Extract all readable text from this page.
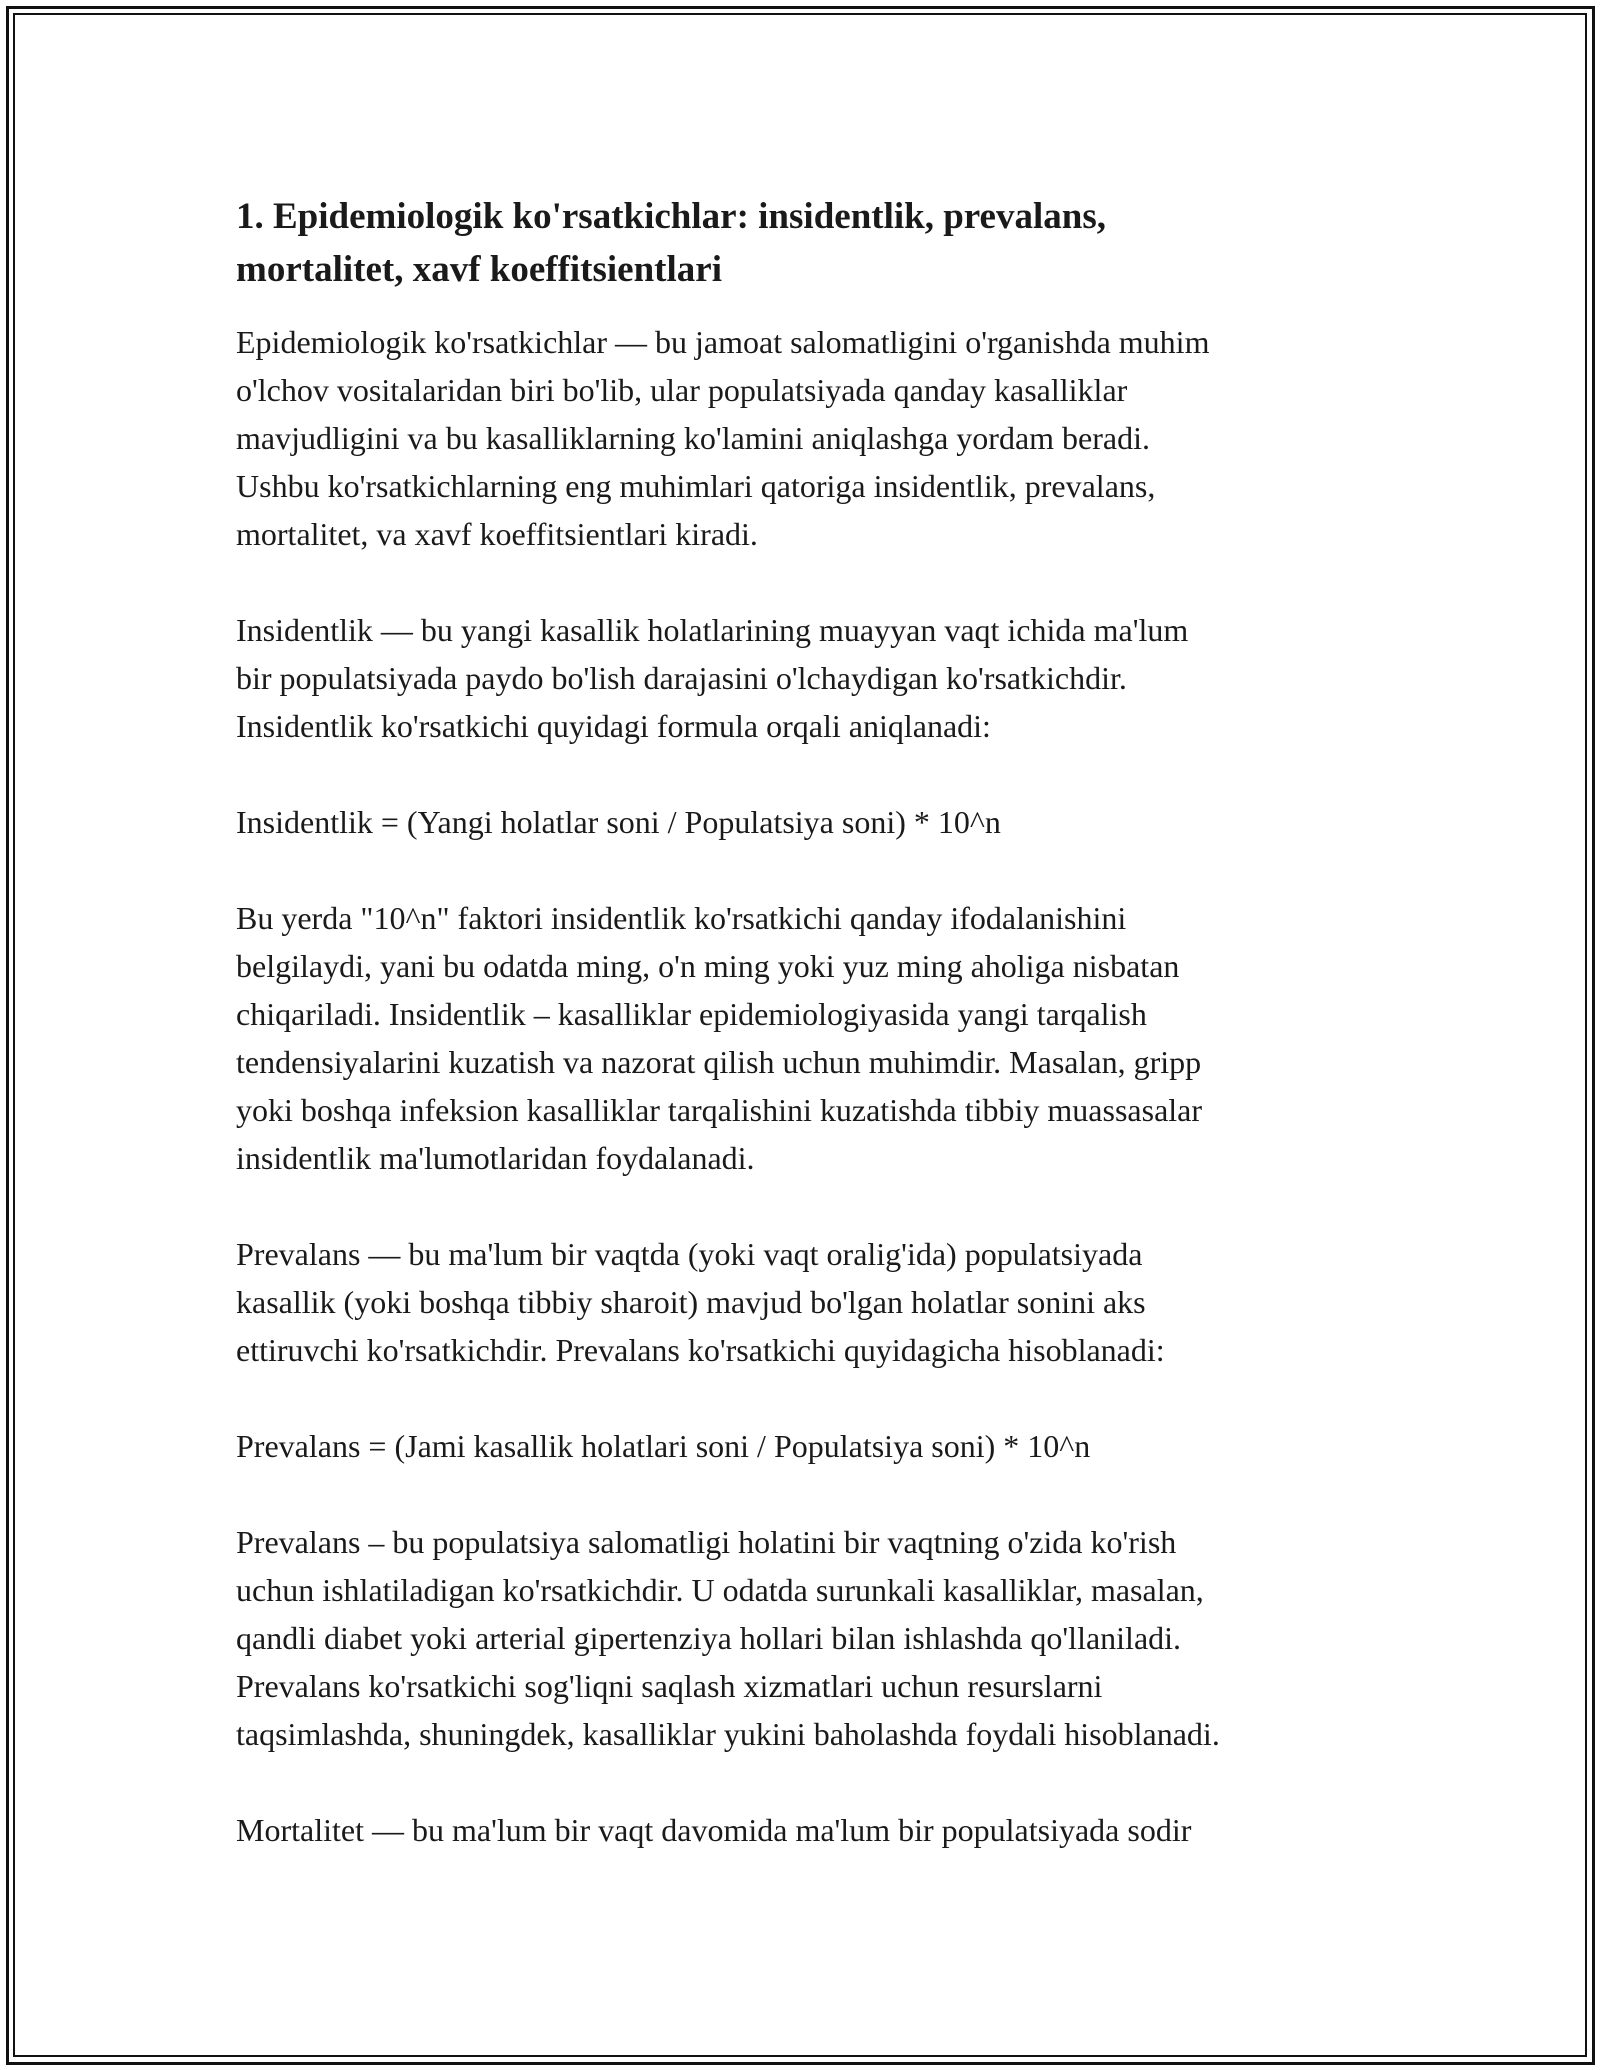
1. Epidemiologik ko'rsatkichlar: insidentlik, prevalans,
mortalitet, xavf koeffitsientlari

Epidemiologik ko'rsatkichlar — bu jamoat salomatligini o'rganishda muhim
o'lchov vositalaridan biri bo'lib, ular populatsiyada qanday kasalliklar
mavjudligini va bu kasalliklarning ko'lamini aniqlashga yordam beradi.
Ushbu ko'rsatkichlarning eng muhimlari qatoriga insidentlik, prevalans,
mortalitet, va xavf koeffitsientlari kiradi.

Insidentlik — bu yangi kasallik holatlarining muayyan vaqt ichida ma'lum
bir populatsiyada paydo bo'lish darajasini o'lchaydigan ko'rsatkichdir.
Insidentlik ko'rsatkichi quyidagi formula orqali aniqlanadi:

Insidentlik = (Yangi holatlar soni / Populatsiya soni) * 10^n

Bu yerda "10^n" faktori insidentlik ko'rsatkichi qanday ifodalanishini
belgilaydi, yani bu odatda ming, o'n ming yoki yuz ming aholiga nisbatan
chiqariladi. Insidentlik – kasalliklar epidemiologiyasida yangi tarqalish
tendensiyalarini kuzatish va nazorat qilish uchun muhimdir. Masalan, gripp
yoki boshqa infeksion kasalliklar tarqalishini kuzatishda tibbiy muassasalar
insidentlik ma'lumotlaridan foydalanadi.

Prevalans — bu ma'lum bir vaqtda (yoki vaqt oralig'ida) populatsiyada
kasallik (yoki boshqa tibbiy sharoit) mavjud bo'lgan holatlar sonini aks
ettiruvchi ko'rsatkichdir. Prevalans ko'rsatkichi quyidagicha hisoblanadi:

Prevalans = (Jami kasallik holatlari soni / Populatsiya soni) * 10^n

Prevalans – bu populatsiya salomatligi holatini bir vaqtning o'zida ko'rish
uchun ishlatiladigan ko'rsatkichdir. U odatda surunkali kasalliklar, masalan,
qandli diabet yoki arterial gipertenziya hollari bilan ishlashda qo'llaniladi.
Prevalans ko'rsatkichi sog'liqni saqlash xizmatlari uchun resurslarni
taqsimlashda, shuningdek, kasalliklar yukini baholashda foydali hisoblanadi.

Mortalitet — bu ma'lum bir vaqt davomida ma'lum bir populatsiyada sodir
